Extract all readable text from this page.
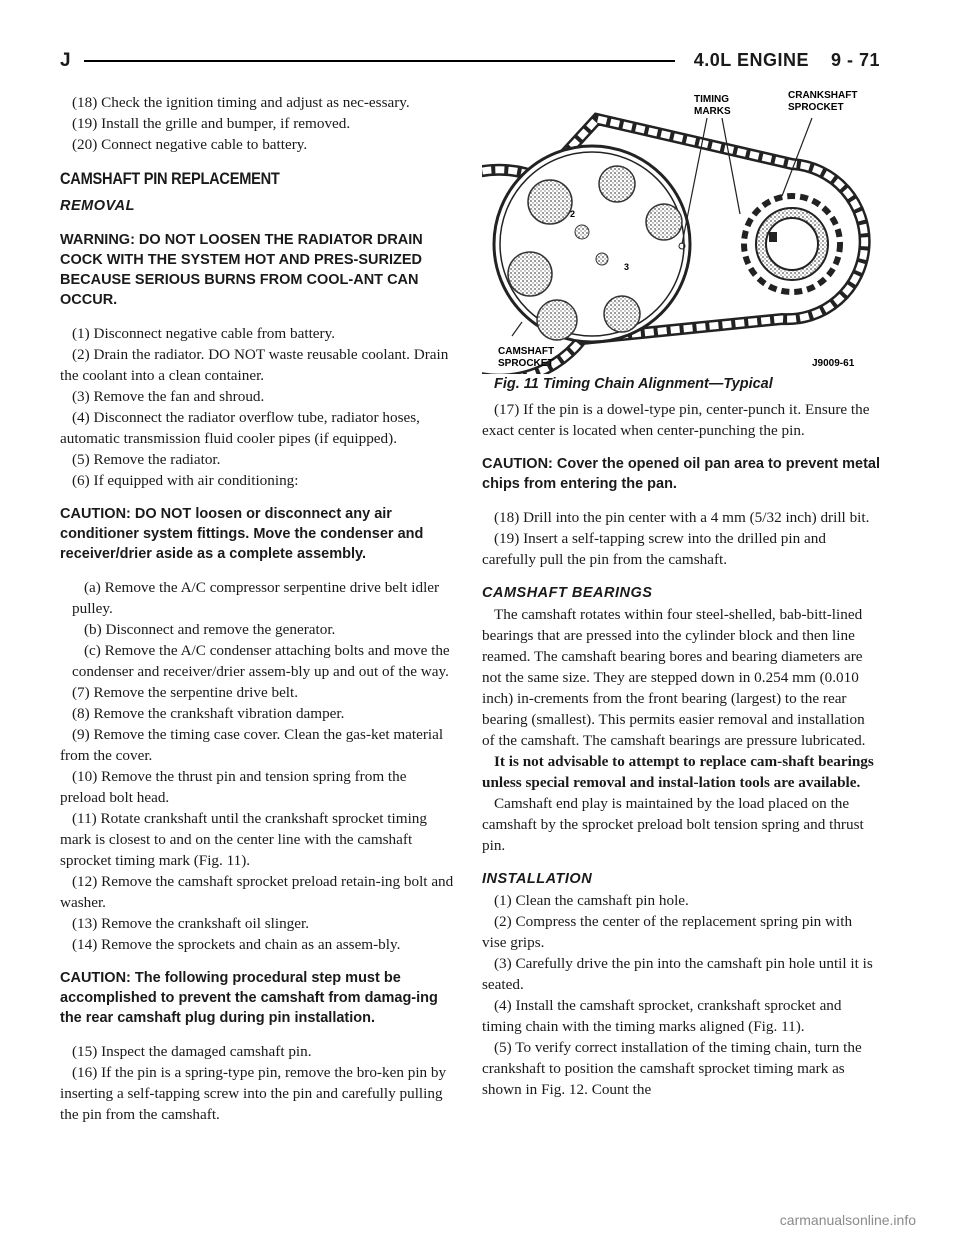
J	4.0L ENGINE    9 - 71

(18) Check the ignition timing and adjust as nec-essary.

(19) Install the grille and bumper, if removed.

(20) Connect negative cable to battery.

CAMSHAFT PIN REPLACEMENT

REMOVAL

WARNING: DO NOT LOOSEN THE RADIATOR DRAIN COCK WITH THE SYSTEM HOT AND PRES-SURIZED BECAUSE SERIOUS BURNS FROM COOL-ANT CAN OCCUR.

(1) Disconnect negative cable from battery.

(2) Drain the radiator. DO NOT waste reusable coolant. Drain the coolant into a clean container.

(3) Remove the fan and shroud.

(4) Disconnect the radiator overflow tube, radiator hoses, automatic transmission fluid cooler pipes (if equipped).

(5) Remove the radiator.

(6) If equipped with air conditioning:

CAUTION: DO NOT loosen or disconnect any air conditioner system fittings. Move the condenser and receiver/drier aside as a complete assembly.

(a) Remove the A/C compressor serpentine drive belt idler pulley.

(b) Disconnect and remove the generator.

(c) Remove the A/C condenser attaching bolts and move the condenser and receiver/drier assem-bly up and out of the way.

(7) Remove the serpentine drive belt.

(8) Remove the crankshaft vibration damper.

(9) Remove the timing case cover. Clean the gas-ket material from the cover.

(10) Remove the thrust pin and tension spring from the preload bolt head.

(11) Rotate crankshaft until the crankshaft sprocket timing mark is closest to and on the center line with the camshaft sprocket timing mark (Fig. 11).

(12) Remove the camshaft sprocket preload retain-ing bolt and washer.

(13) Remove the crankshaft oil slinger.

(14) Remove the sprockets and chain as an assem-bly.

CAUTION: The following procedural step must be accomplished to prevent the camshaft from damag-ing the rear camshaft plug during pin installation.

(15) Inspect the damaged camshaft pin.

(16) If the pin is a spring-type pin, remove the bro-ken pin by inserting a self-tapping screw into the pin and carefully pulling the pin from the camshaft.

2
3
TIMING
MARKS
CRANKSHAFT
SPROCKET
CAMSHAFT
SPROCKET	J9009-61

Fig. 11 Timing Chain Alignment—Typical

(17) If the pin is a dowel-type pin, center-punch it. Ensure the exact center is located when center-punching the pin.

CAUTION: Cover the opened oil pan area to prevent metal chips from entering the pan.

(18) Drill into the pin center with a 4 mm (5/32 inch) drill bit.

(19) Insert a self-tapping screw into the drilled pin and carefully pull the pin from the camshaft.

CAMSHAFT BEARINGS

The camshaft rotates within four steel-shelled, bab-bitt-lined bearings that are pressed into the cylinder block and then line reamed. The camshaft bearing bores and bearing diameters are not the same size. They are stepped down in 0.254 mm (0.010 inch) in-crements from the front bearing (largest) to the rear bearing (smallest). This permits easier removal and installation of the camshaft. The camshaft bearings are pressure lubricated.

It is not advisable to attempt to replace cam-shaft bearings unless special removal and instal-lation tools are available.

Camshaft end play is maintained by the load placed on the camshaft by the sprocket preload bolt tension spring and thrust pin.

INSTALLATION

(1) Clean the camshaft pin hole.

(2) Compress the center of the replacement spring pin with vise grips.

(3) Carefully drive the pin into the camshaft pin hole until it is seated.

(4) Install the camshaft sprocket, crankshaft sprocket and timing chain with the timing marks aligned (Fig. 11).

(5) To verify correct installation of the timing chain, turn the crankshaft to position the camshaft sprocket timing mark as shown in Fig. 12. Count the

carmanualsonline.info
